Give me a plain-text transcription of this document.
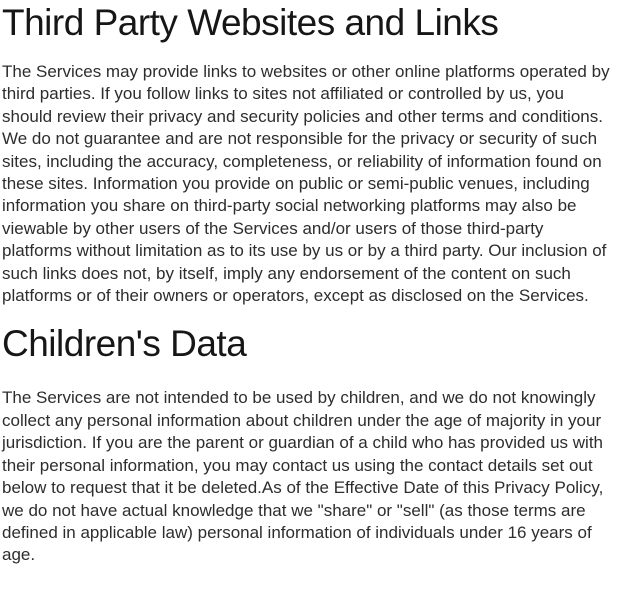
Third Party Websites and Links

The Services may provide links to websites or other online platforms operated by third parties. If you follow links to sites not affiliated or controlled by us, you should review their privacy and security policies and other terms and conditions. We do not guarantee and are not responsible for the privacy or security of such sites, including the accuracy, completeness, or reliability of information found on these sites. Information you provide on public or semi-public venues, including information you share on third-party social networking platforms may also be viewable by other users of the Services and/or users of those third-party platforms without limitation as to its use by us or by a third party. Our inclusion of such links does not, by itself, imply any endorsement of the content on such platforms or of their owners or operators, except as disclosed on the Services.

Children's Data

The Services are not intended to be used by children, and we do not knowingly collect any personal information about children under the age of majority in your jurisdiction. If you are the parent or guardian of a child who has provided us with their personal information, you may contact us using the contact details set out below to request that it be deleted.As of the Effective Date of this Privacy Policy, we do not have actual knowledge that we "share" or "sell" (as those terms are defined in applicable law) personal information of individuals under 16 years of age.
